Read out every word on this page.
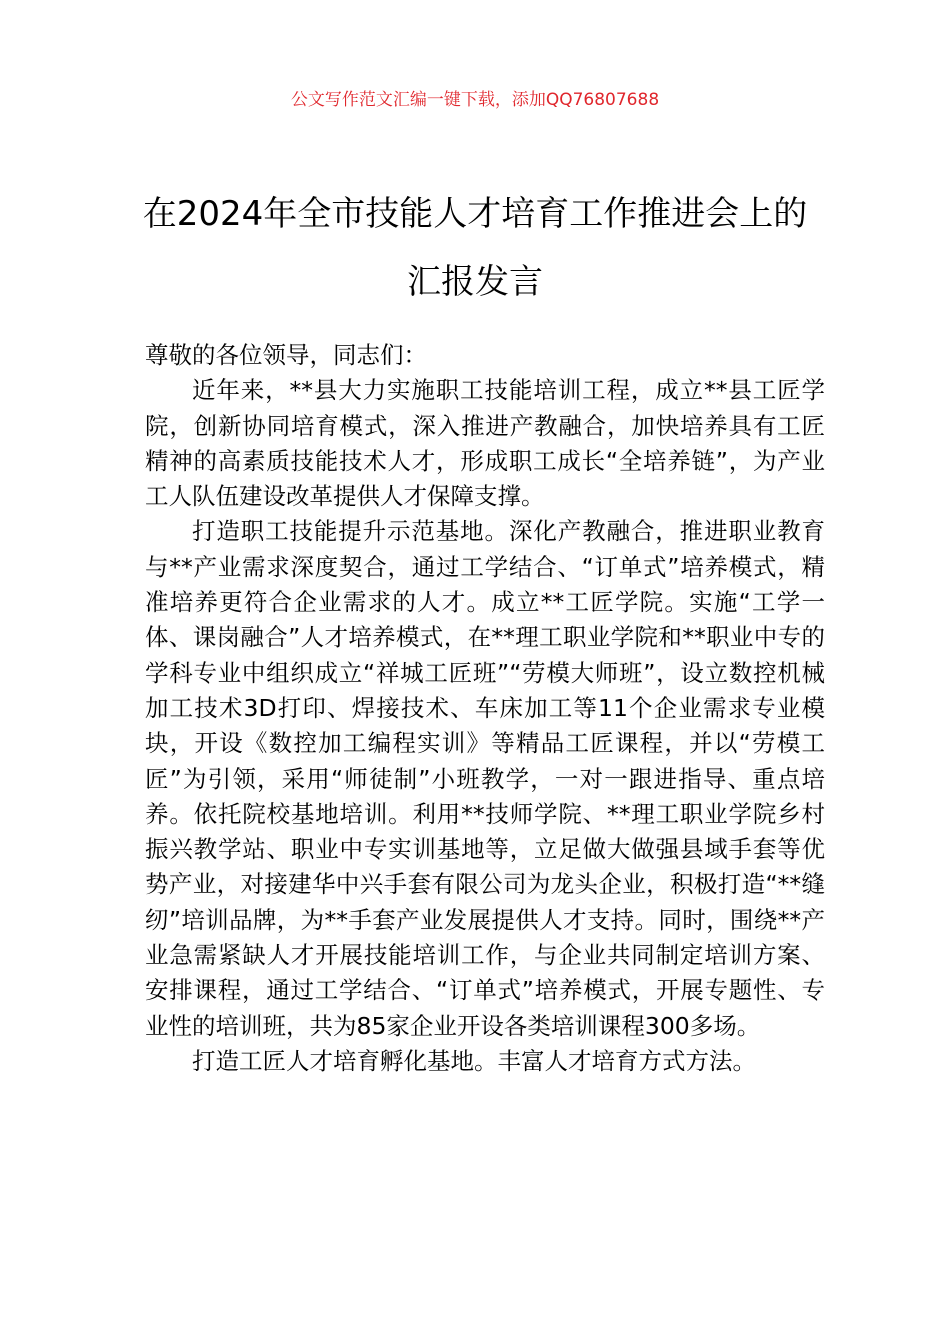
公文写作范文汇编一键下载，添加QQ76807688
在2024年全市技能人才培育工作推进会上的汇报发言

尊敬的各位领导，同志们：

近年来，**县大力实施职工技能培训工程，成立**县工匠学院，创新协同培育模式，深入推进产教融合，加快培养具有工匠精神的高素质技能技术人才，形成职工成长“全培养链”，为产业工人队伍建设改革提供人才保障支撑。

打造职工技能提升示范基地。深化产教融合，推进职业教育与**产业需求深度契合，通过工学结合、“订单式”培养模式，精准培养更符合企业需求的人才。成立**工匠学院。实施“工学一体、课岗融合”人才培养模式，在**理工职业学院和**职业中专的学科专业中组织成立“祥城工匠班”“劳模大师班”，设立数控机械加工技术3D打印、焊接技术、车床加工等11个企业需求专业模块，开设《数控加工编程实训》等精品工匠课程，并以“劳模工匠”为引领，采用“师徒制”小班教学，一对一跟进指导、重点培养。依托院校基地培训。利用**技师学院、**理工职业学院乡村振兴教学站、职业中专实训基地等，立足做大做强县域手套等优势产业，对接建华中兴手套有限公司为龙头企业，积极打造“**缝纫”培训品牌，为**手套产业发展提供人才支持。同时，围绕**产业急需紧缺人才开展技能培训工作，与企业共同制定培训方案、安排课程，通过工学结合、“订单式”培养模式，开展专题性、专业性的培训班，共为85家企业开设各类培训课程300多场。

打造工匠人才培育孵化基地。丰富人才培育方式方法。
